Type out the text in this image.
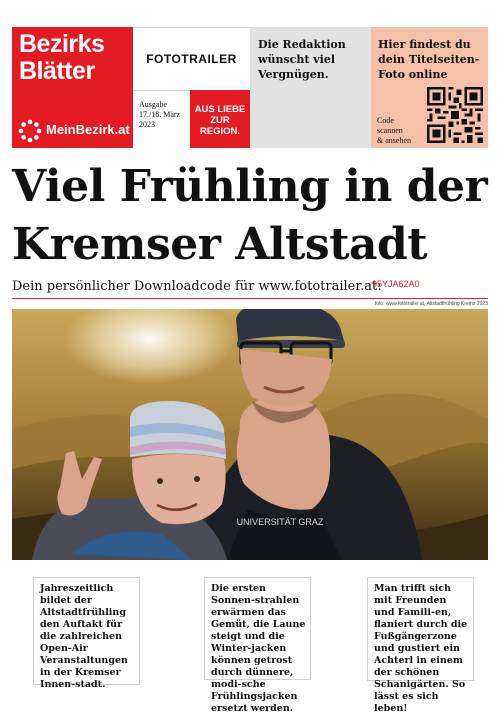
Bezirks
Blätter
MeinBezirk.at
FOTOTRAILER
Ausgabe
17./18. März
2023
AUS LIEBE
ZUR
REGION.
Die Redaktion wünscht viel Vergnügen.
Hier findest du dein Titelseiten-Foto online
Code
scannen
& ansehen
Viel Frühling in der
Kremser Altstadt
Dein persönlicher Downloadcode für www.fototrailer.at:
95YJA62A0
foto: www.fototrailer.at, Altstadtfrühling Krems 2023
UNIVERSITÄT GRAZ
Jahreszeitlich bildet der Altstadtfrühling den Auftakt für die zahlreichen Open-Air Veranstaltungen in der Kremser Innen-stadt.
Die ersten Sonnen-strahlen erwärmen das Gemüt, die Laune steigt und die Winter-jacken können getrost durch dünnere, modi-sche Frühlingsjacken ersetzt werden.
Man trifft sich mit Freunden und Famili-en, flaniert durch die Fußgängerzone und gustiert ein Achterl in einem der schönen Schanigärten. So lässt es sich leben!
